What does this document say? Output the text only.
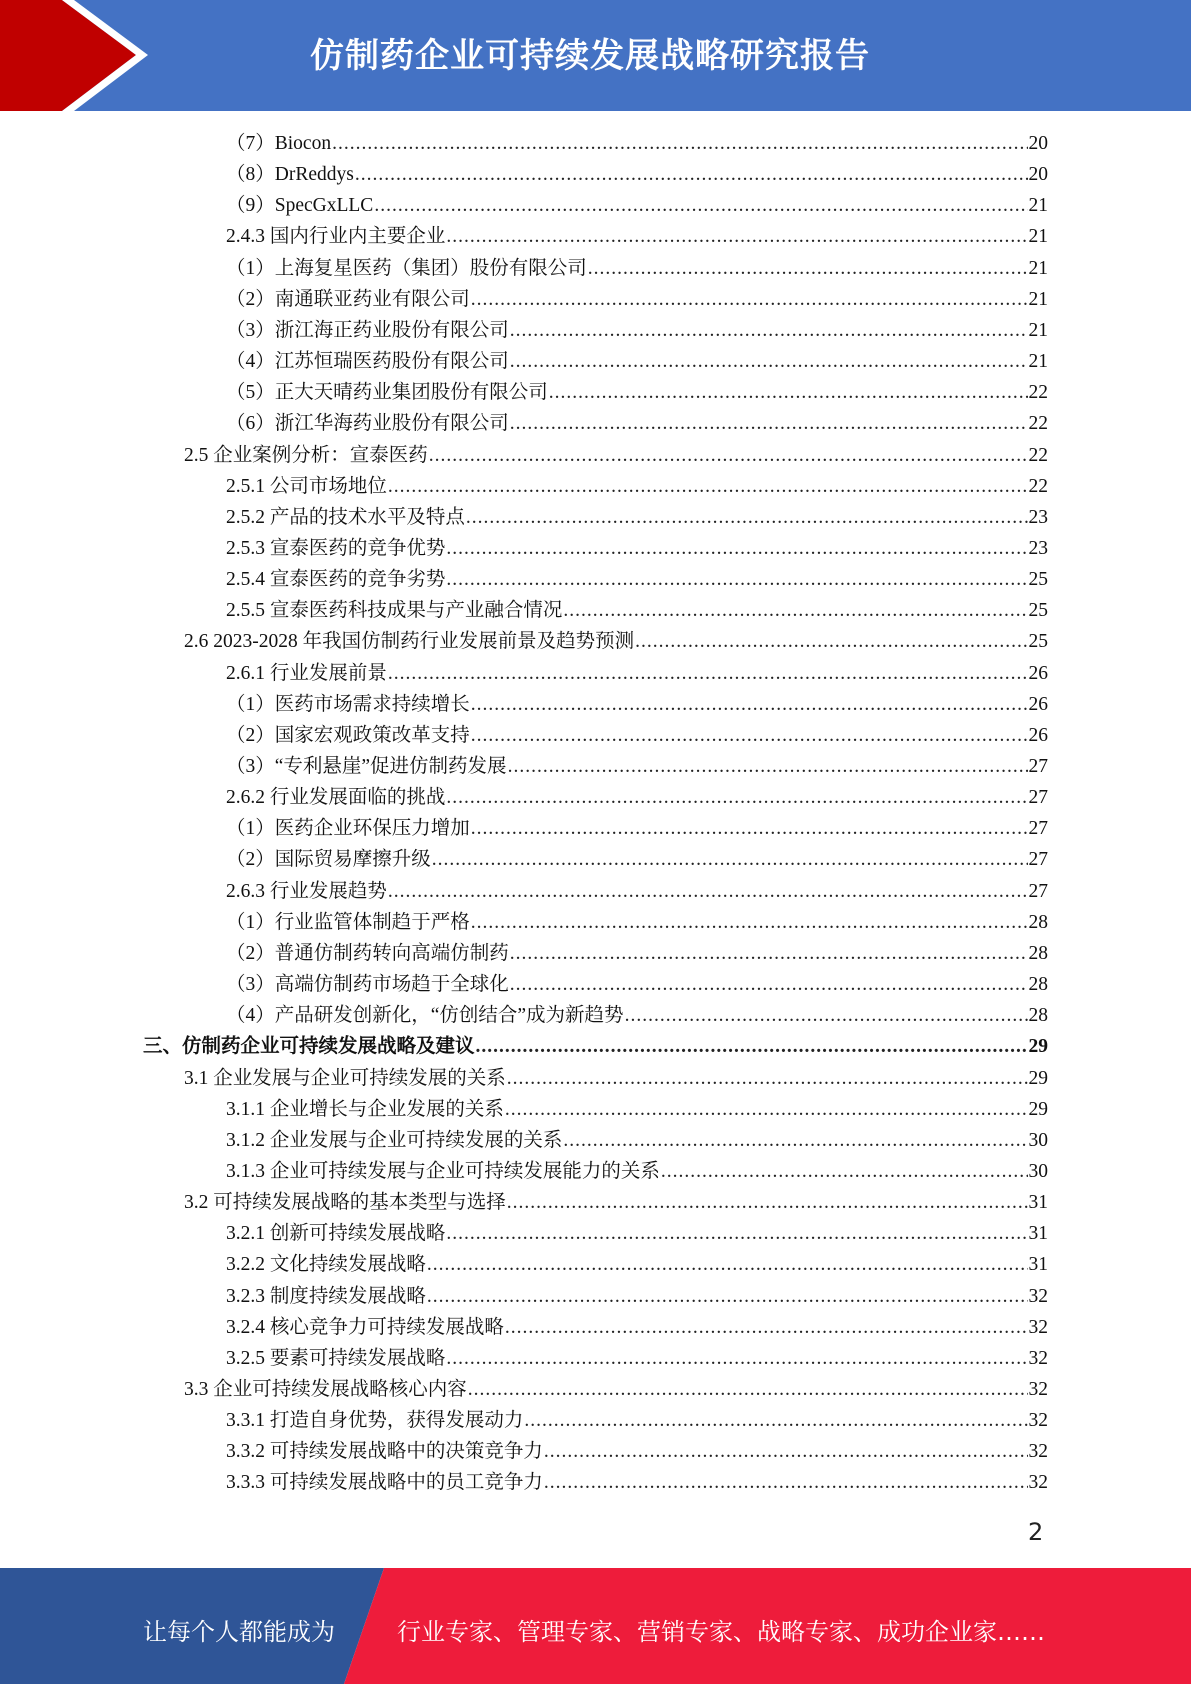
仿制药企业可持续发展战略研究报告
（7）Biocon .....	20
（8）DrReddys .....	20
（9）SpecGxLLC .....	21
2.4.3 国内行业内主要企业 .....	21
（1）上海复星医药（集团）股份有限公司 .....	21
（2）南通联亚药业有限公司 .....	21
（3）浙江海正药业股份有限公司 .....	21
（4）江苏恒瑞医药股份有限公司 .....	21
（5）正大天晴药业集团股份有限公司 .....	22
（6）浙江华海药业股份有限公司 .....	22
2.5 企业案例分析：宣泰医药 .....	22
2.5.1 公司市场地位 .....	22
2.5.2 产品的技术水平及特点 .....	23
2.5.3 宣泰医药的竞争优势 .....	23
2.5.4 宣泰医药的竞争劣势 .....	25
2.5.5 宣泰医药科技成果与产业融合情况 .....	25
2.6 2023-2028 年我国仿制药行业发展前景及趋势预测 .....	25
2.6.1 行业发展前景 .....	26
（1）医药市场需求持续增长 .....	26
（2）国家宏观政策改革支持 .....	26
（3）“专利悬崖”促进仿制药发展 .....	27
2.6.2 行业发展面临的挑战 .....	27
（1）医药企业环保压力增加 .....	27
（2）国际贸易摩擦升级 .....	27
2.6.3 行业发展趋势 .....	27
（1）行业监管体制趋于严格 .....	28
（2）普通仿制药转向高端仿制药 .....	28
（3）高端仿制药市场趋于全球化 .....	28
（4）产品研发创新化，“仿创结合”成为新趋势 .....	28
三、仿制药企业可持续发展战略及建议 .....	29
3.1 企业发展与企业可持续发展的关系 .....	29
3.1.1 企业增长与企业发展的关系 .....	29
3.1.2 企业发展与企业可持续发展的关系 .....	30
3.1.3 企业可持续发展与企业可持续发展能力的关系 .....	30
3.2 可持续发展战略的基本类型与选择 .....	31
3.2.1 创新可持续发展战略 .....	31
3.2.2 文化持续发展战略 .....	31
3.2.3 制度持续发展战略 .....	32
3.2.4 核心竞争力可持续发展战略 .....	32
3.2.5 要素可持续发展战略 .....	32
3.3 企业可持续发展战略核心内容 .....	32
3.3.1 打造自身优势，获得发展动力 .....	32
3.3.2 可持续发展战略中的决策竞争力 .....	32
3.3.3 可持续发展战略中的员工竞争力 .....	32
2
让每个人都能成为	行业专家、管理专家、营销专家、战略专家、成功企业家……
